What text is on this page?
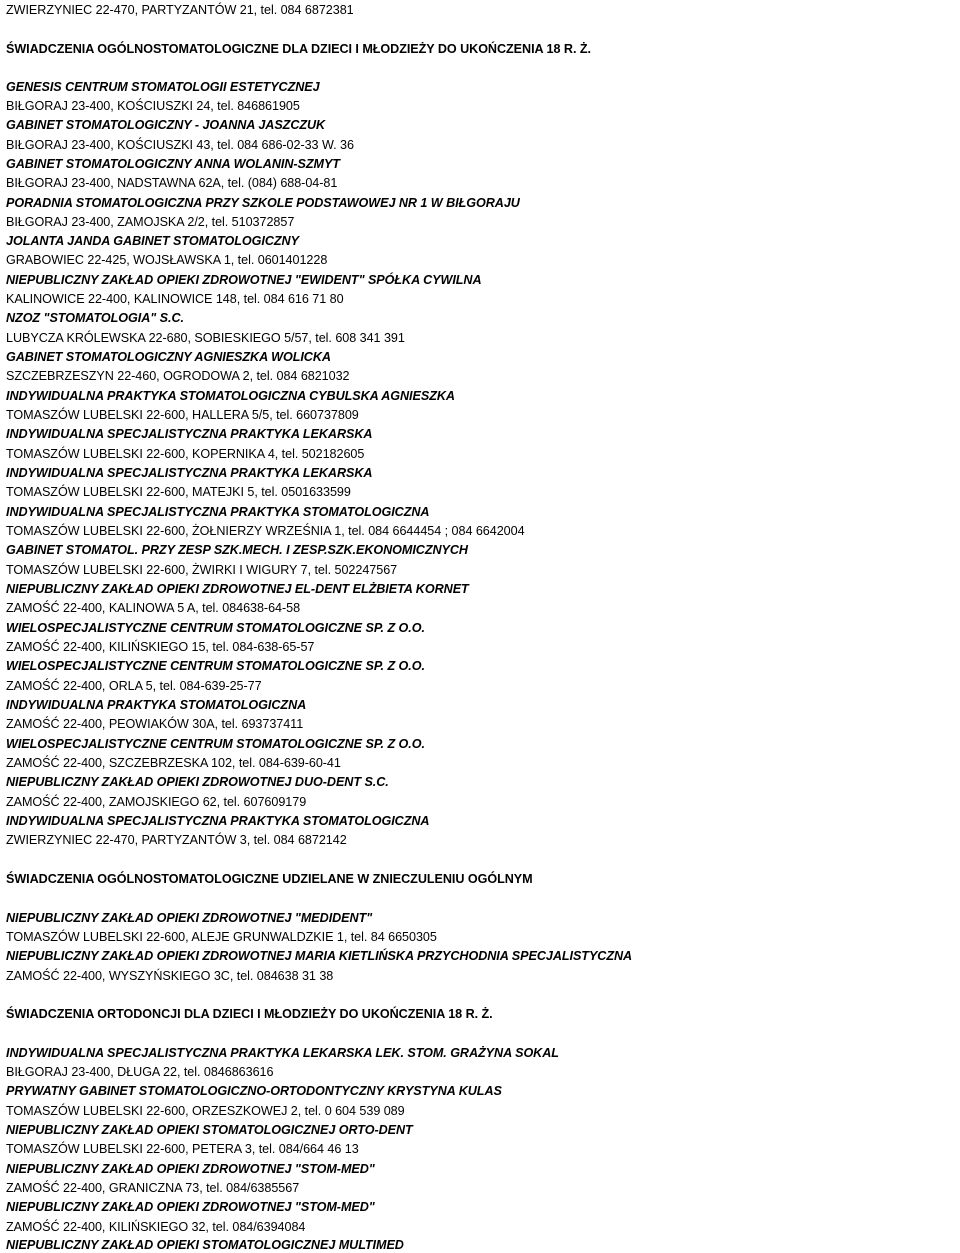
ZWIERZYNIEC 22-470, PARTYZANTÓW 21, tel. 084 6872381
ŚWIADCZENIA OGÓLNOSTOMATOLOGICZNE DLA DZIECI I MŁODZIEŻY DO UKOŃCZENIA 18 R. Ż.
GENESIS CENTRUM STOMATOLOGII ESTETYCZNEJ
BIŁGORAJ 23-400, KOŚCIUSZKI 24, tel. 846861905
GABINET STOMATOLOGICZNY - JOANNA JASZCZUK
BIŁGORAJ 23-400, KOŚCIUSZKI 43, tel. 084 686-02-33 W. 36
GABINET STOMATOLOGICZNY ANNA WOLANIN-SZMYT
BIŁGORAJ 23-400, NADSTAWNA 62A, tel. (084) 688-04-81
PORADNIA STOMATOLOGICZNA PRZY SZKOLE PODSTAWOWEJ NR 1 W BIŁGORAJU
BIŁGORAJ 23-400, ZAMOJSKA 2/2, tel. 510372857
JOLANTA JANDA GABINET STOMATOLOGICZNY
GRABOWIEC 22-425, WOJSŁAWSKA 1, tel. 0601401228
NIEPUBLICZNY ZAKŁAD OPIEKI ZDROWOTNEJ "EWIDENT" SPÓŁKA CYWILNA
KALINOWICE 22-400, KALINOWICE 148, tel. 084 616 71 80
NZOZ "STOMATOLOGIA" S.C.
LUBYCZA KRÓLEWSKA 22-680, SOBIESKIEGO 5/57, tel. 608 341 391
GABINET STOMATOLOGICZNY AGNIESZKA WOLICKA
SZCZEBRZESZYN 22-460, OGRODOWA 2, tel. 084 6821032
INDYWIDUALNA PRAKTYKA STOMATOLOGICZNA CYBULSKA AGNIESZKA
TOMASZÓW LUBELSKI 22-600, HALLERA 5/5, tel. 660737809
INDYWIDUALNA SPECJALISTYCZNA PRAKTYKA LEKARSKA
TOMASZÓW LUBELSKI 22-600, KOPERNIKA 4, tel. 502182605
INDYWIDUALNA SPECJALISTYCZNA PRAKTYKA LEKARSKA
TOMASZÓW LUBELSKI 22-600, MATEJKI 5, tel. 0501633599
INDYWIDUALNA SPECJALISTYCZNA PRAKTYKA STOMATOLOGICZNA
TOMASZÓW LUBELSKI 22-600, ŻOŁNIERZY WRZEŚNIA 1, tel. 084 6644454 ; 084 6642004
GABINET STOMATOL. PRZY ZESP SZK.MECH. I ZESP.SZK.EKONOMICZNYCH
TOMASZÓW LUBELSKI 22-600, ŻWIRKI I WIGURY 7, tel. 502247567
NIEPUBLICZNY ZAKŁAD OPIEKI ZDROWOTNEJ EL-DENT ELŻBIETA KORNET
ZAMOŚĆ 22-400, KALINOWA 5 A, tel. 084638-64-58
WIELOSPECJALISTYCZNE CENTRUM STOMATOLOGICZNE SP. Z O.O.
ZAMOŚĆ 22-400, KILIŃSKIEGO 15, tel. 084-638-65-57
WIELOSPECJALISTYCZNE CENTRUM STOMATOLOGICZNE SP. Z O.O.
ZAMOŚĆ 22-400, ORLA 5, tel. 084-639-25-77
INDYWIDUALNA PRAKTYKA STOMATOLOGICZNA
ZAMOŚĆ 22-400, PEOWIAKÓW 30A, tel. 693737411
WIELOSPECJALISTYCZNE CENTRUM STOMATOLOGICZNE SP. Z O.O.
ZAMOŚĆ 22-400, SZCZEBRZESKA 102, tel. 084-639-60-41
NIEPUBLICZNY ZAKŁAD OPIEKI ZDROWOTNEJ DUO-DENT S.C.
ZAMOŚĆ 22-400, ZAMOJSKIEGO 62, tel. 607609179
INDYWIDUALNA SPECJALISTYCZNA PRAKTYKA STOMATOLOGICZNA
ZWIERZYNIEC 22-470, PARTYZANTÓW 3, tel. 084 6872142
ŚWIADCZENIA OGÓLNOSTOMATOLOGICZNE UDZIELANE W ZNIECZULENIU OGÓLNYM
NIEPUBLICZNY ZAKŁAD OPIEKI ZDROWOTNEJ "MEDIDENT"
TOMASZÓW LUBELSKI 22-600, ALEJE GRUNWALDZKIE 1, tel. 84 6650305
NIEPUBLICZNY ZAKŁAD OPIEKI ZDROWOTNEJ MARIA KIETLIŃSKA PRZYCHODNIA SPECJALISTYCZNA
ZAMOŚĆ 22-400, WYSZYŃSKIEGO 3C, tel. 084638 31 38
ŚWIADCZENIA ORTODONCJI DLA DZIECI I MŁODZIEŻY DO UKOŃCZENIA 18 R. Ż.
INDYWIDUALNA SPECJALISTYCZNA PRAKTYKA LEKARSKA LEK. STOM. GRAŻYNA SOKAL
BIŁGORAJ 23-400, DŁUGA 22, tel. 0846863616
PRYWATNY GABINET STOMATOLOGICZNO-ORTODONTYCZNY KRYSTYNA KULAS
TOMASZÓW LUBELSKI 22-600, ORZESZKOWEJ 2, tel. 0 604 539 089
NIEPUBLICZNY ZAKŁAD OPIEKI STOMATOLOGICZNEJ ORTO-DENT
TOMASZÓW LUBELSKI 22-600, PETERA 3, tel. 084/664 46 13
NIEPUBLICZNY ZAKŁAD OPIEKI ZDROWOTNEJ "STOM-MED"
ZAMOŚĆ 22-400, GRANICZNA 73, tel. 084/6385567
NIEPUBLICZNY ZAKŁAD OPIEKI ZDROWOTNEJ "STOM-MED"
ZAMOŚĆ 22-400, KILIŃSKIEGO 32, tel. 084/6394084
NIEPUBLICZNY ZAKŁAD OPIEKI STOMATOLOGICZNEJ MULTIMED
